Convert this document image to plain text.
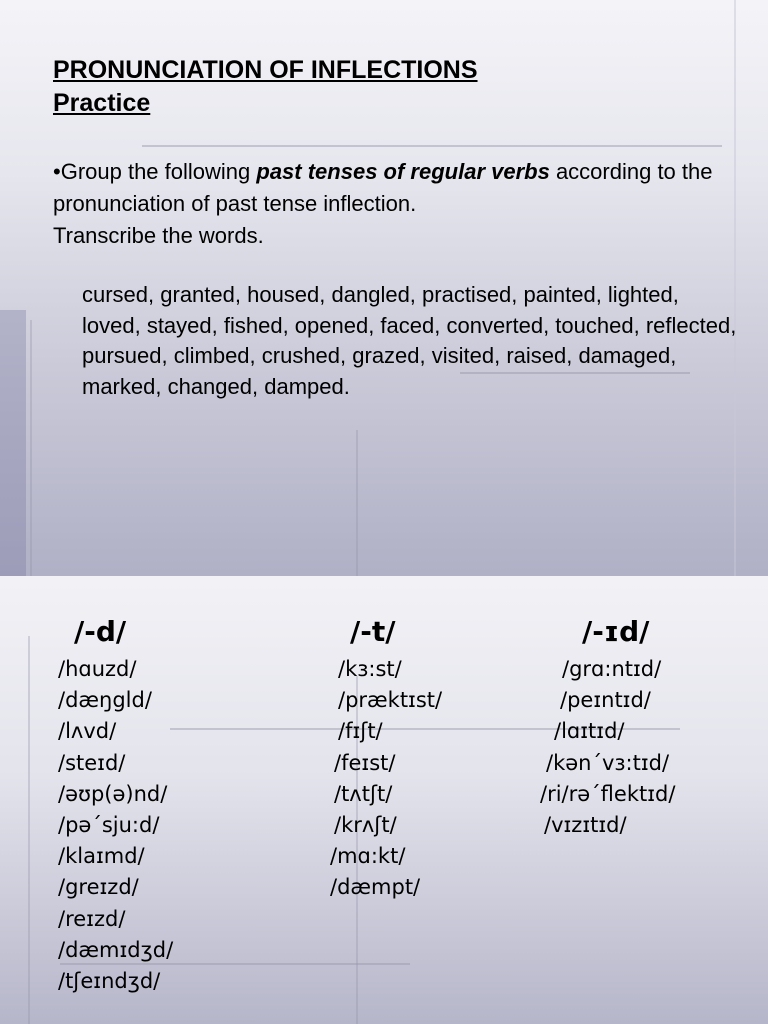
PRONUNCIATION OF INFLECTIONS
Practice

•Group the following past tenses of regular verbs according to the pronunciation of past tense inflection.
Transcribe the words.

cursed, granted, housed, dangled, practised, painted, lighted, loved, stayed, fished, opened, faced, converted, touched, reflected, pursued, climbed, crushed, grazed, visited, raised, damaged, marked, changed, damped.

/-d/
/hɑuzd/
/dæŋgld/
/lʌvd/
/steɪd/
/əʊp(ə)nd/
/pə´sju:d/
/klaɪmd/
/greɪzd/
/reɪzd/
/dæmɪdʒd/
/tʃeɪndʒd/
/-t/
/kɜ:st/
/præktɪst/
/fɪʃt/
/feɪst/
/tʌtʃt/
/krʌʃt/
/mɑ:kt/
/dæmpt/
/-ɪd/
/grɑ:ntɪd/
/peɪntɪd/
/lɑɪtɪd/
/kən´vɜ:tɪd/
/ri/rə´flektɪd/
/vɪzɪtɪd/
